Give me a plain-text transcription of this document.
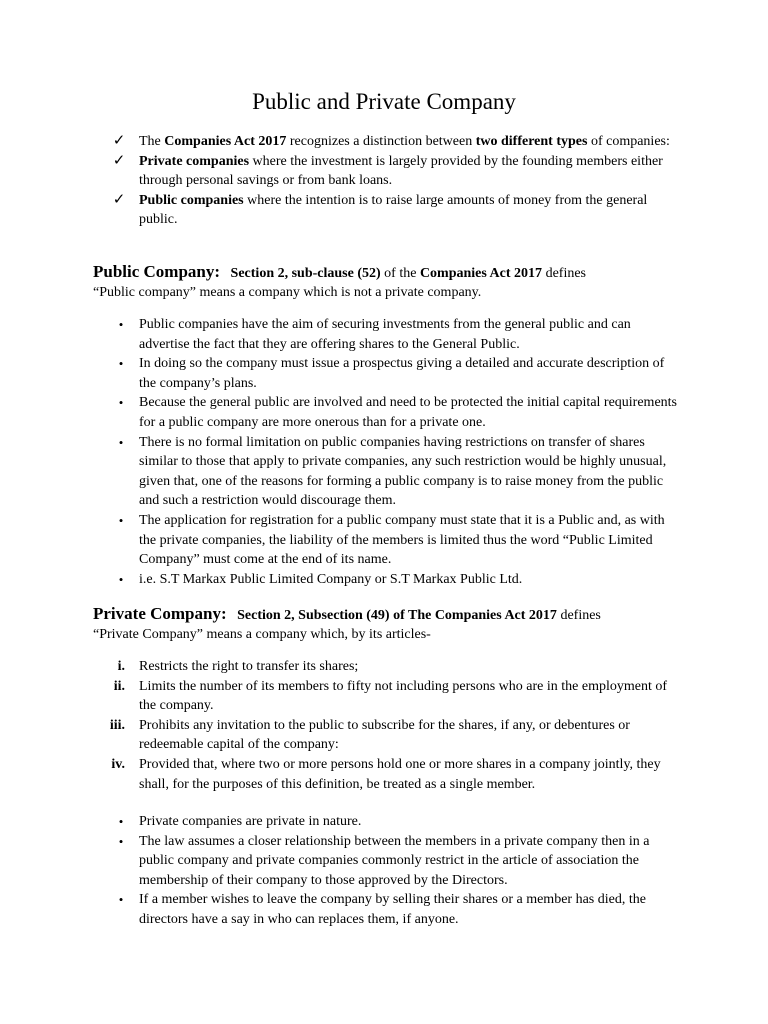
Public and Private Company
✓ The Companies Act 2017 recognizes a distinction between two different types of companies:
✓ Private companies where the investment is largely provided by the founding members either through personal savings or from bank loans.
✓ Public companies where the intention is to raise large amounts of money from the general public.
Public Company: Section 2, sub-clause (52) of the Companies Act 2017 defines
“Public company” means a company which is not a private company.
•	Public companies have the aim of securing investments from the general public and can advertise the fact that they are offering shares to the General Public.
•	In doing so the company must issue a prospectus giving a detailed and accurate description of the company’s plans.
•	Because the general public are involved and need to be protected the initial capital requirements for a public company are more onerous than for a private one.
•	There is no formal limitation on public companies having restrictions on transfer of shares similar to those that apply to private companies, any such restriction would be highly unusual, given that, one of the reasons for forming a public company is to raise money from the public and such a restriction would discourage them.
•	The application for registration for a public company must state that it is a Public and, as with the private companies, the liability of the members is limited thus the word “Public Limited Company” must come at the end of its name.
•	i.e. S.T Markax Public Limited Company or S.T Markax Public Ltd.
Private Company: Section 2, Subsection (49) of The Companies Act 2017 defines
“Private Company” means a company which, by its articles-
i. Restricts the right to transfer its shares;
ii. Limits the number of its members to fifty not including persons who are in the employment of the company.
iii. Prohibits any invitation to the public to subscribe for the shares, if any, or debentures or redeemable capital of the company:
iv. Provided that, where two or more persons hold one or more shares in a company jointly, they shall, for the purposes of this definition, be treated as a single member.
•	Private companies are private in nature.
•	The law assumes a closer relationship between the members in a private company then in a public company and private companies commonly restrict in the article of association the membership of their company to those approved by the Directors.
•	If a member wishes to leave the company by selling their shares or a member has died, the directors have a say in who can replaces them, if anyone.
